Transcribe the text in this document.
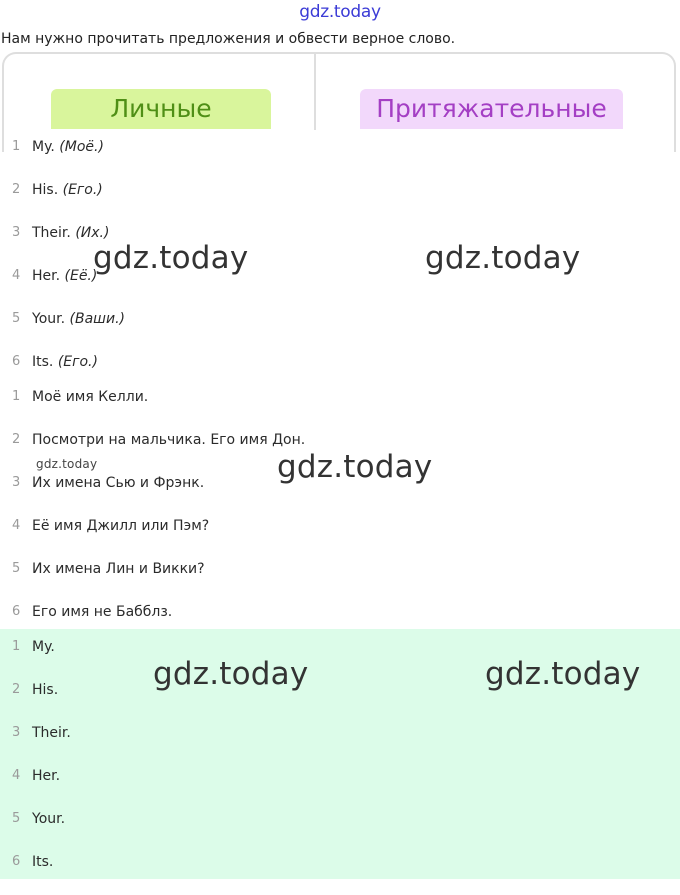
gdz.today
Нам нужно прочитать предложения и обвести верное слово.
Личные	Притяжательные
1 My. (Моё.)
2 His. (Его.)
3 Their. (Их.)
4 Her. (Её.)
5 Your. (Ваши.)
6 Its. (Его.)
1 Моё имя Келли.
2 Посмотри на мальчика. Его имя Дон.
3 Их имена Сью и Фрэнк.
4 Её имя Джилл или Пэм?
5 Их имена Лин и Викки?
6 Его имя не Бабблз.
1 My.
2 His.
3 Their.
4 Her.
5 Your.
6 Its.
gdz.today	gdz.today
gdz.today
gdz.today
gdz.today	gdz.today
